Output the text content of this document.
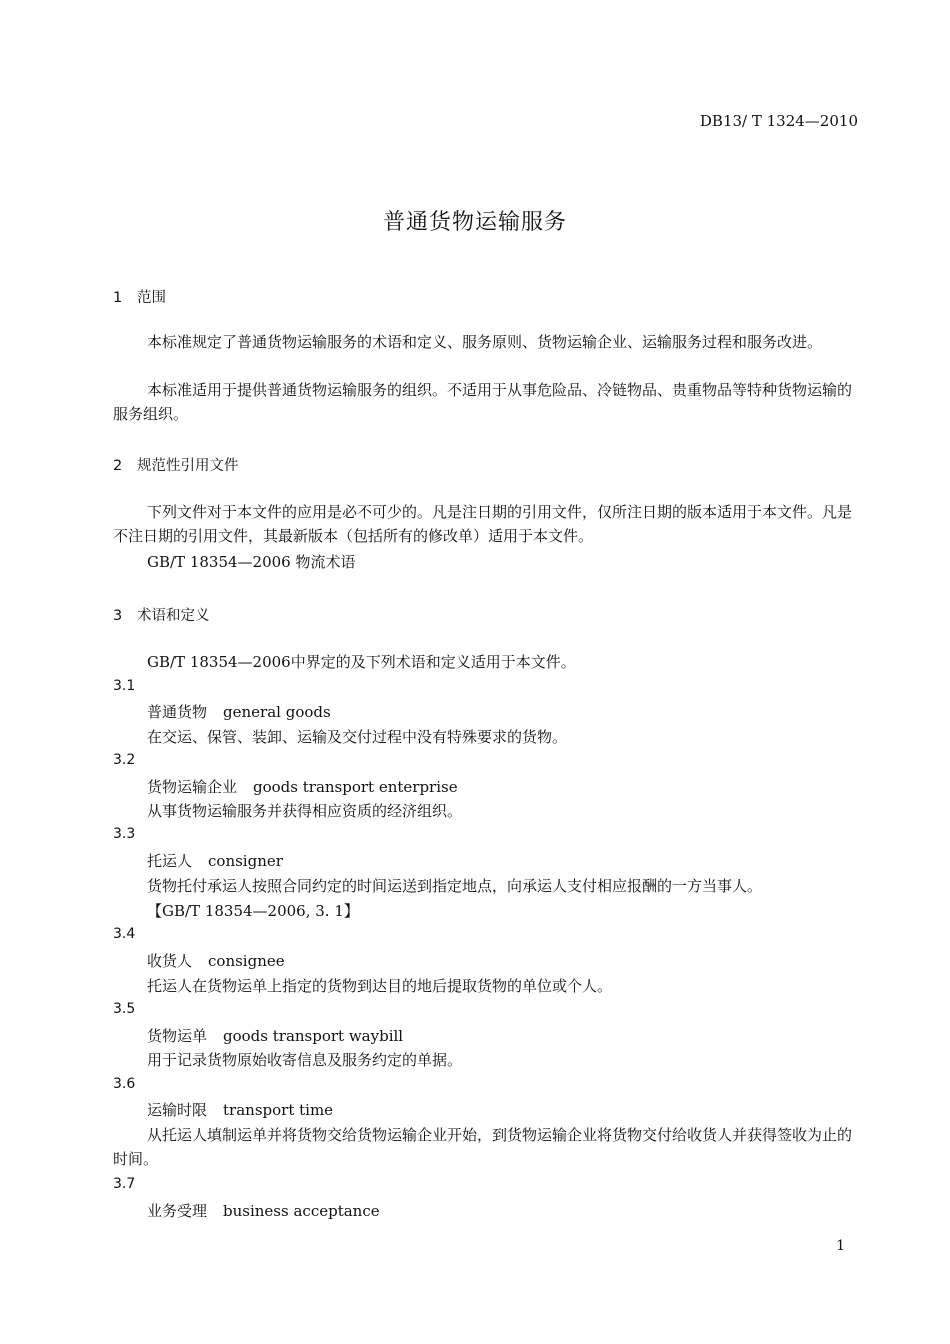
DB13/ T 1324—2010
普通货物运输服务
1 范围
本标准规定了普通货物运输服务的术语和定义、服务原则、货物运输企业、运输服务过程和服务改进。
本标准适用于提供普通货物运输服务的组织。不适用于从事危险品、冷链物品、贵重物品等特种货物运输的服务组织。
2 规范性引用文件
下列文件对于本文件的应用是必不可少的。凡是注日期的引用文件，仅所注日期的版本适用于本文件。凡是不注日期的引用文件，其最新版本（包括所有的修改单）适用于本文件。
GB/T 18354—2006 物流术语
3 术语和定义
GB/T 18354—2006中界定的及下列术语和定义适用于本文件。
3.1
普通货物 general goods
在交运、保管、装卸、运输及交付过程中没有特殊要求的货物。
3.2
货物运输企业 goods transport enterprise
从事货物运输服务并获得相应资质的经济组织。
3.3
托运人 consigner
货物托付承运人按照合同约定的时间运送到指定地点，向承运人支付相应报酬的一方当事人。
【GB/T 18354—2006, 3. 1】
3.4
收货人 consignee
托运人在货物运单上指定的货物到达目的地后提取货物的单位或个人。
3.5
货物运单 goods transport waybill
用于记录货物原始收寄信息及服务约定的单据。
3.6
运输时限 transport time
从托运人填制运单并将货物交给货物运输企业开始，到货物运输企业将货物交付给收货人并获得签收为止的时间。
3.7
业务受理 business acceptance
1
